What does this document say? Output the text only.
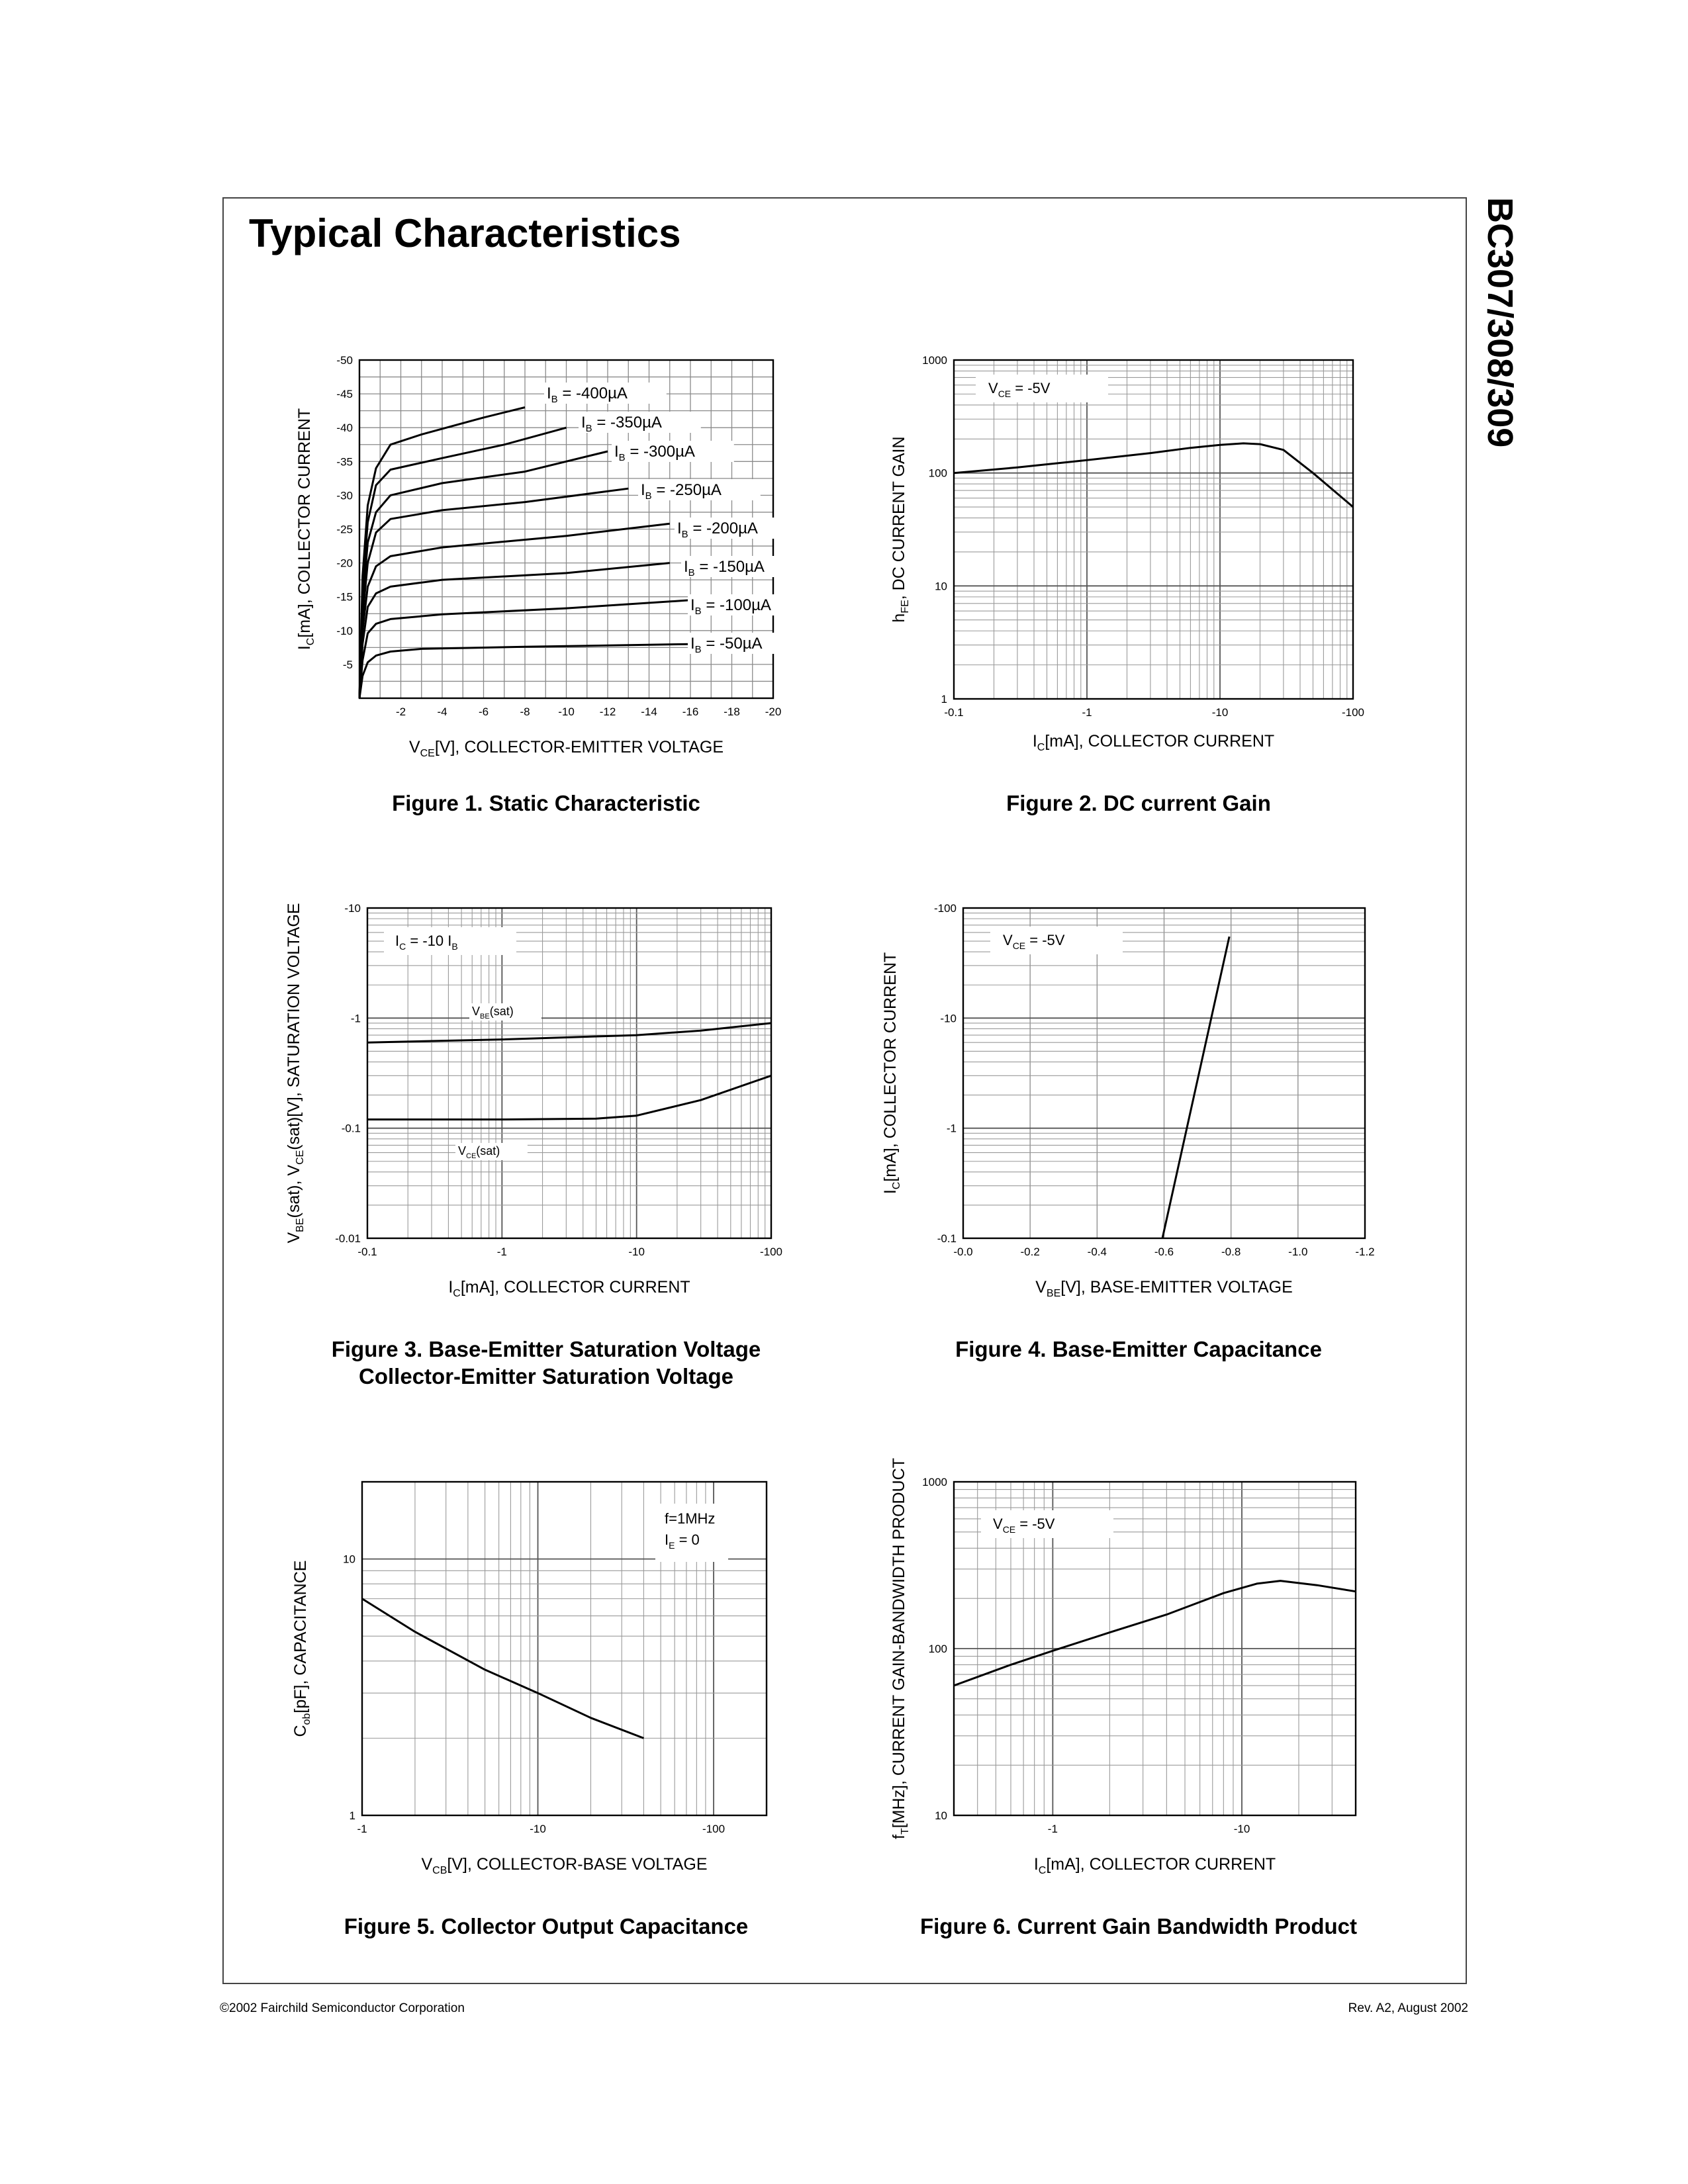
Typical Characteristics	BC307/308/309
©2002 Fairchild Semiconductor Corporation	Rev. A2, August 2002
-2	-4	-6	-8	-10 -12 -14 -16 -18 -20
-5
-10
-15
-20
-25
-30
-35
-40
-45
-50
$V_{CE}[V]$, COLLECTOR-EMITTER VOLTAGE
$I_C[mA]$, COLLECTOR CURRENT
$I_B = -50\mu A$
$I_B = -100\mu A$
$I_B = -150\mu A$
$I_B = -200\mu A$
$I_B = -250\mu A$
$I_B = -300\mu A$
$I_B = -350\mu A$
$I_B = -400\mu A$
-0.1	-1	-10	-100
1
10
100
1000
$I_C[mA]$, COLLECTOR CURRENT
$h_{FE}$, DC CURRENT GAIN
$V_{CE} = -5V$
-0.1	-1	-10	-100
-0.01
-0.1
-1
-10
$I_C[mA]$, COLLECTOR CURRENT
$V_{BE}(sat)$, $V_{CE}(sat)[V]$, SATURATION VOLTAGE	$V_{BE}(sat)$
$V_{CE}(sat)$
$I_C = -10$ $I_B$
-0.0	-0.2	-0.4	-0.6	-0.8	-1.0	-1.2
-0.1
-1
-10
-100
$V_{BE}[V]$, BASE-EMITTER VOLTAGE
$I_C[mA]$, COLLECTOR CURRENT
$V_{CE} = -5V$
-1	-10	-100
1
10
$V_{CB}[V]$, COLLECTOR-BASE VOLTAGE
$C_{ob}[pF]$, CAPACITANCE
f=1MHz
$I_E = 0$
-1	-10
10
100
1000
$I_C[mA]$, COLLECTOR CURRENT
$f_T[MHz]$, CURRENT GAIN-BANDWIDTH PRODUCT	$V_{CE} = -5V$
Figure 1. Static Characteristic	Figure 2. DC current Gain
Figure 3. Base-Emitter Saturation Voltage
Collector-Emitter Saturation Voltage
Figure 4. Base-Emitter Capacitance
Figure 5. Collector Output Capacitance	Figure 6. Current Gain Bandwidth Product
